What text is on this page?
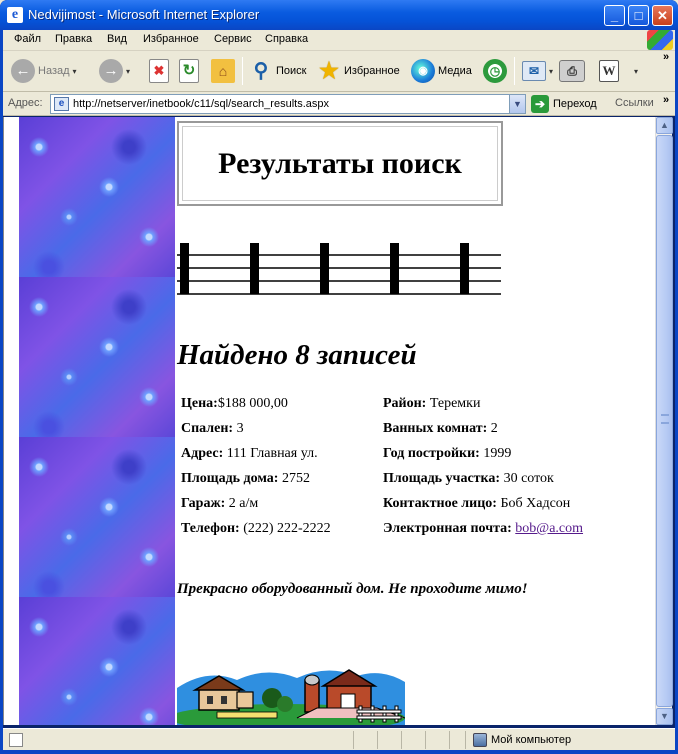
e Nedvijimost - Microsoft Internet Explorer	_	□	✕
Файл Правка Вид Избранное Сервис Справка
← Назад ▾	→ ▾	✖	↻	⌂	⚲ Поиск ★ Избранное	◉ Медиа	◷	✉	▾	⎙	W	▾
»
Адрес:	e http://netserver/inetbook/c11/sql/search_results.aspx	▼	➔ Переход Ссылки »
Результаты поиск
Найдено 8 записей
Цена:$188 000,00	Район: Теремки
Спален: 3	Ванных комнат: 2
Адрес: 111 Главная ул.	Год постройки: 1999
Площадь дома: 2752	Площадь участка: 30 соток
Гараж: 2 а/м	Контактное лицо: Боб Хадсон
Телефон: (222) 222-2222	Электронная почта: bob@a.com
Прекрасно оборудованный дом. Не проходите мимо!
▲
▼
Мой компьютер
